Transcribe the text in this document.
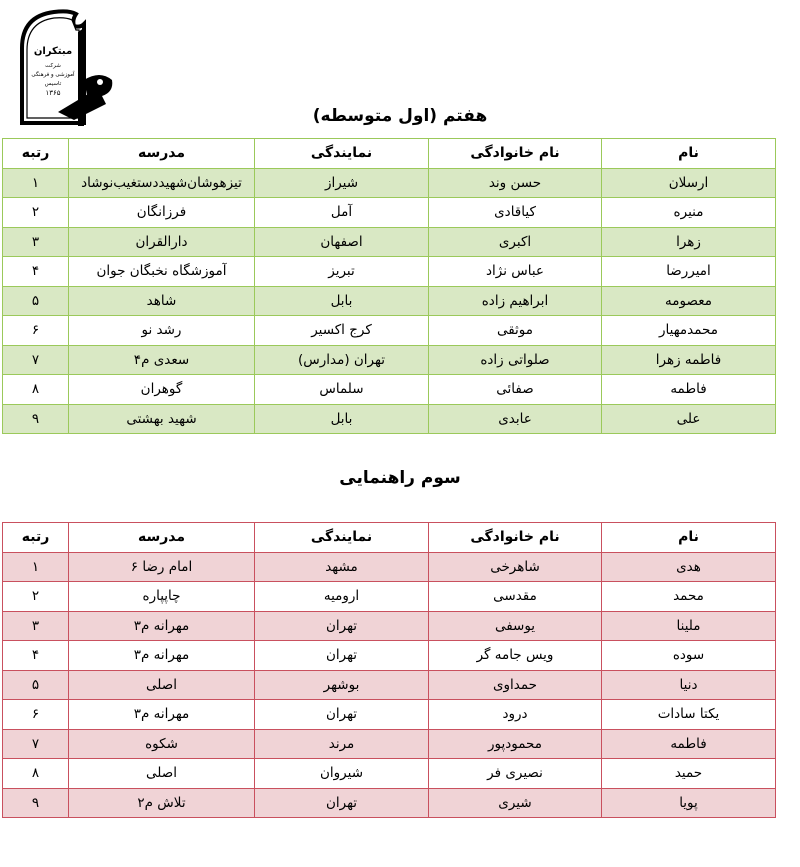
مبتكران
شركت
آموزشی و فرهنگی
تاسیس
۱۳۶۵
هفتم (اول متوسطه)
نام	نام خانوادگی	نمایندگی	مدرسه	رتبه
ارسلان	حسن وند	شیراز	تیزهوشان‌شهیددستغیب‌نوشاد	۱
منیره	کیاقادی	آمل	فرزانگان	۲
زهرا	اکبری	اصفهان	دارالقران	۳
امیررضا	عباس نژاد	تبریز	آموزشگاه نخبگان جوان	۴
معصومه	ابراهیم زاده	بابل	شاهد	۵
محمدمهیار	موثقی	کرج اکسیر	رشد نو	۶
فاطمه زهرا	صلواتی زاده	تهران (مدارس)	سعدی م۴	۷
فاطمه	صفائی	سلماس	گوهران	۸
علی	عابدی	بابل	شهید بهشتی	۹
سوم راهنمایی
نام	نام خانوادگی	نمایندگی	مدرسه	رتبه
هدی	شاهرخی	مشهد	امام رضا ۶	۱
محمد	مقدسی	ارومیه	چاپپاره	۲
ملینا	یوسفی	تهران	مهرانه م۳	۳
سوده	ویس جامه گر	تهران	مهرانه م۳	۴
دنیا	حمداوی	بوشهر	اصلی	۵
یکتا سادات	درود	تهران	مهرانه م۳	۶
فاطمه	محمودپور	مرند	شکوه	۷
حمید	نصیری فر	شیروان	اصلی	۸
پویا	شیری	تهران	تلاش م۲	۹
